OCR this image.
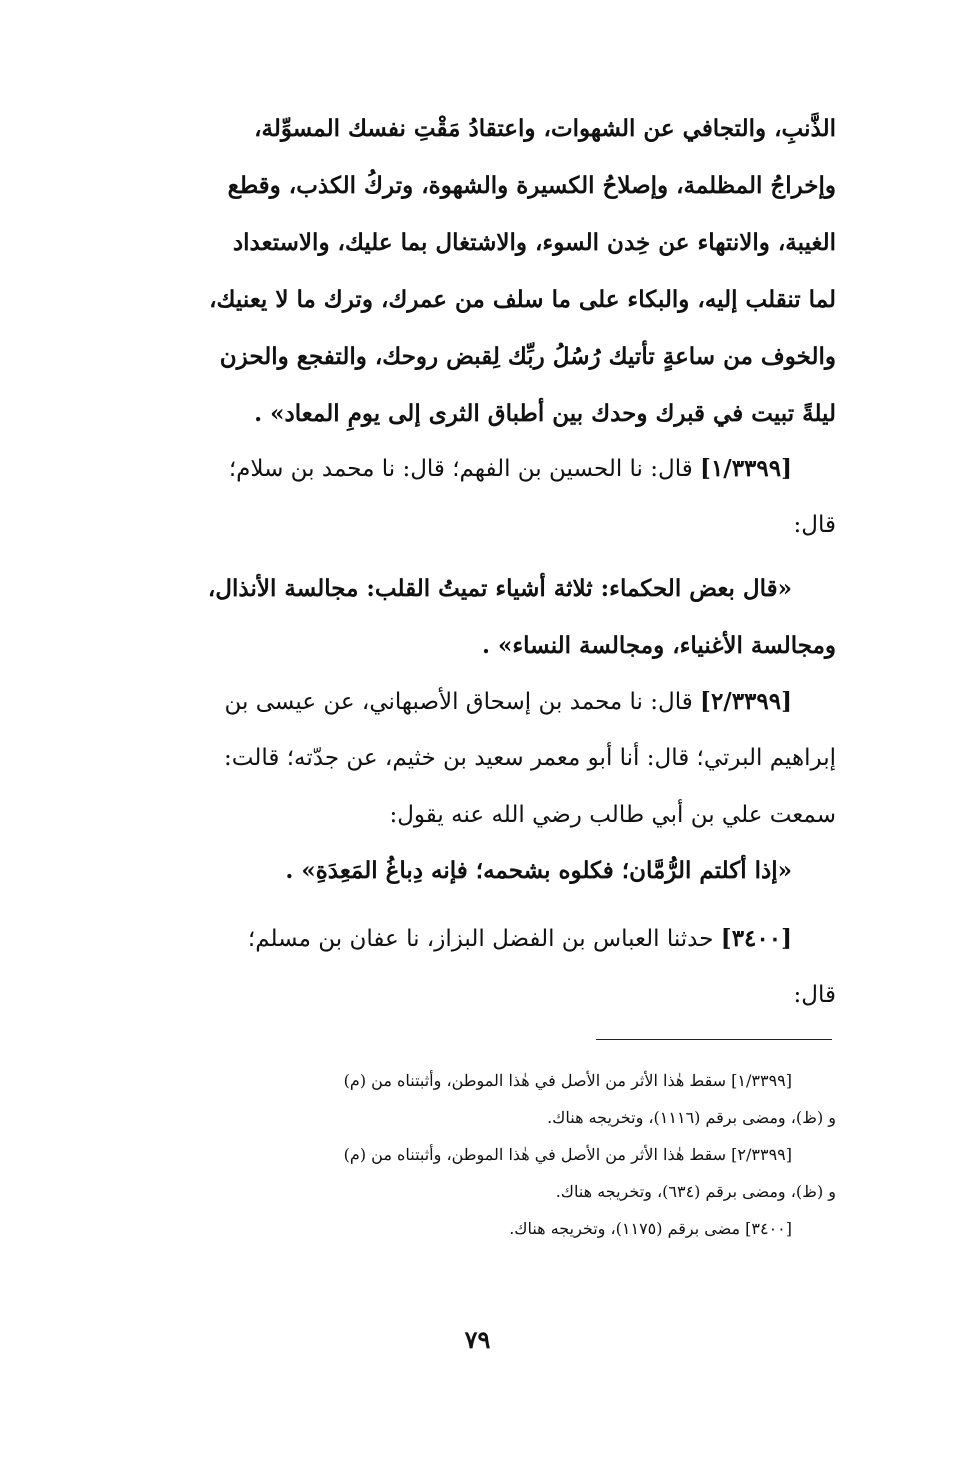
الذَّنبِ، والتجافي عن الشهوات، واعتقادُ مَقْتِ نفسك المسوِّلة،
وإخراجُ المظلمة، وإصلاحُ الكسيرة والشهوة، وتركُ الكذب، وقطع
الغيبة، والانتهاء عن خِدن السوء، والاشتغال بما عليك، والاستعداد
لما تنقلب إليه، والبكاء على ما سلف من عمرك، وترك ما لا يعنيك،
والخوف من ساعةٍ تأتيك رُسُلُ ربِّك لِقبض روحك، والتفجع والحزن
ليلةً تبيت في قبرك وحدك بين أطباق الثرى إلى يومِ المعاد» .
[١/٣٣٩٩] قال: نا الحسين بن الفهم؛ قال: نا محمد بن سلام؛
قال:
«قال بعض الحكماء: ثلاثة أشياء تميتُ القلب: مجالسة الأنذال،
ومجالسة الأغنياء، ومجالسة النساء» .
[٢/٣٣٩٩] قال: نا محمد بن إسحاق الأصبهاني، عن عيسى بن
إبراهيم البرتي؛ قال: أنا أبو معمر سعيد بن خثيم، عن جدّته؛ قالت:
سمعت علي بن أبي طالب رضي الله عنه يقول:
«إذا أكلتم الرُّمَّان؛ فكلوه بشحمه؛ فإنه دِباغُ المَعِدَةِ» .
[٣٤٠٠] حدثنا العباس بن الفضل البزاز، نا عفان بن مسلم؛
قال:
[١/٣٣٩٩] سقط هٰذا الأثر من الأصل في هٰذا الموطن، وأثبتناه من (م)
و (ظ)، ومضى برقم (١١١٦)، وتخريجه هناك.
[٢/٣٣٩٩] سقط هٰذا الأثر من الأصل في هٰذا الموطن، وأثبتناه من (م)
و (ظ)، ومضى برقم (٦٣٤)، وتخريجه هناك.
[٣٤٠٠] مضى برقم (١١٧٥)، وتخريجه هناك.
٧٩
